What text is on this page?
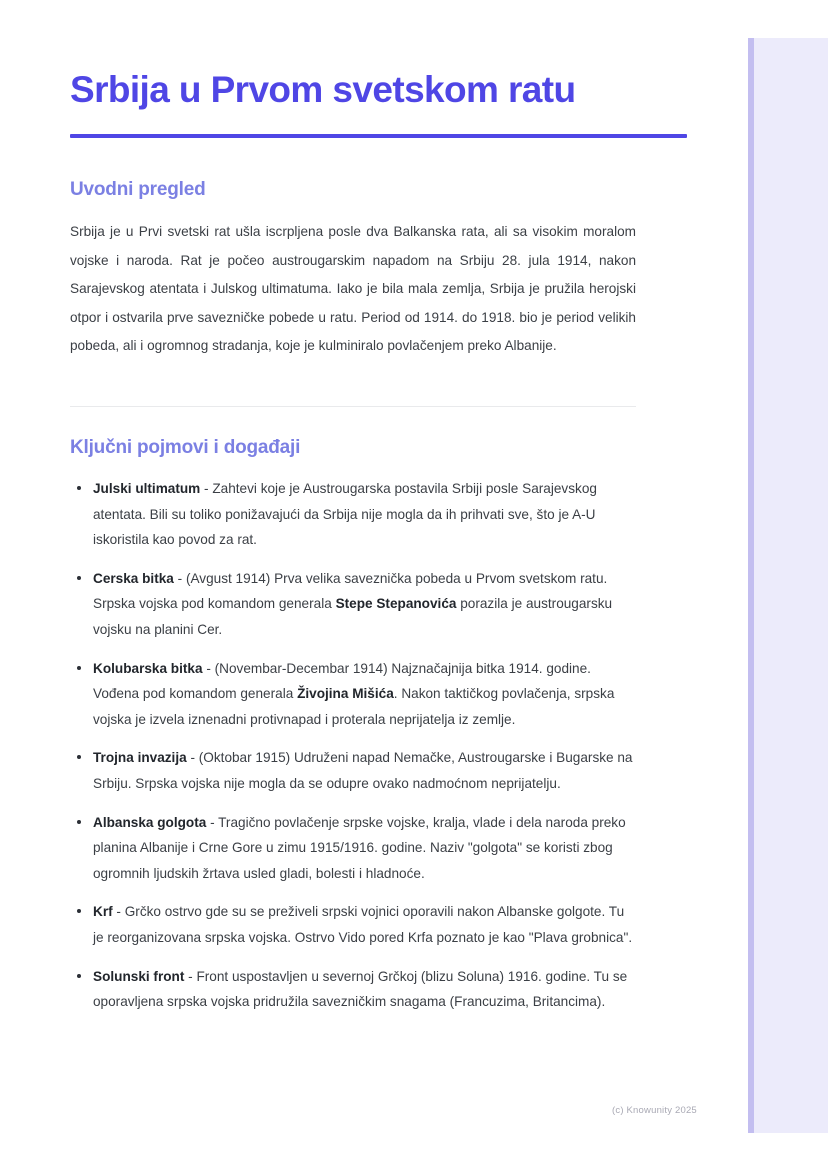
Srbija u Prvom svetskom ratu
Uvodni pregled

Srbija je u Prvi svetski rat ušla iscrpljena posle dva Balkanska rata, ali sa visokim moralom vojske i naroda. Rat je počeo austrougarskim napadom na Srbiju 28. jula 1914, nakon Sarajevskog atentata i Julskog ultimatuma. Iako je bila mala zemlja, Srbija je pružila herojski otpor i ostvarila prve savezničke pobede u ratu. Period od 1914. do 1918. bio je period velikih pobeda, ali i ogromnog stradanja, koje je kulminiralo povlačenjem preko Albanije.

Ključni pojmovi i događaji
Julski ultimatum - Zahtevi koje je Austrougarska postavila Srbiji posle Sarajevskog atentata. Bili su toliko ponižavajući da Srbija nije mogla da ih prihvati sve, što je A-U iskoristila kao povod za rat.
Cerska bitka - (Avgust 1914) Prva velika saveznička pobeda u Prvom svetskom ratu. Srpska vojska pod komandom generala Stepe Stepanovića porazila je austrougarsku vojsku na planini Cer.
Kolubarska bitka - (Novembar-Decembar 1914) Najznačajnija bitka 1914. godine. Vođena pod komandom generala Živojina Mišića. Nakon taktičkog povlačenja, srpska vojska je izvela iznenadni protivnapad i proterala neprijatelja iz zemlje.
Trojna invazija - (Oktobar 1915) Udruženi napad Nemačke, Austrougarske i Bugarske na Srbiju. Srpska vojska nije mogla da se odupre ovako nadmoćnom neprijatelju.
Albanska golgota - Tragično povlačenje srpske vojske, kralja, vlade i dela naroda preko planina Albanije i Crne Gore u zimu 1915/1916. godine. Naziv "golgota" se koristi zbog ogromnih ljudskih žrtava usled gladi, bolesti i hladnoće.
Krf - Grčko ostrvo gde su se preživeli srpski vojnici oporavili nakon Albanske golgote. Tu je reorganizovana srpska vojska. Ostrvo Vido pored Krfa poznato je kao "Plava grobnica".
Solunski front - Front uspostavljen u severnoj Grčkoj (blizu Soluna) 1916. godine. Tu se oporavljena srpska vojska pridružila savezničkim snagama (Francuzima, Britancima).
(c) Knowunity 2025
